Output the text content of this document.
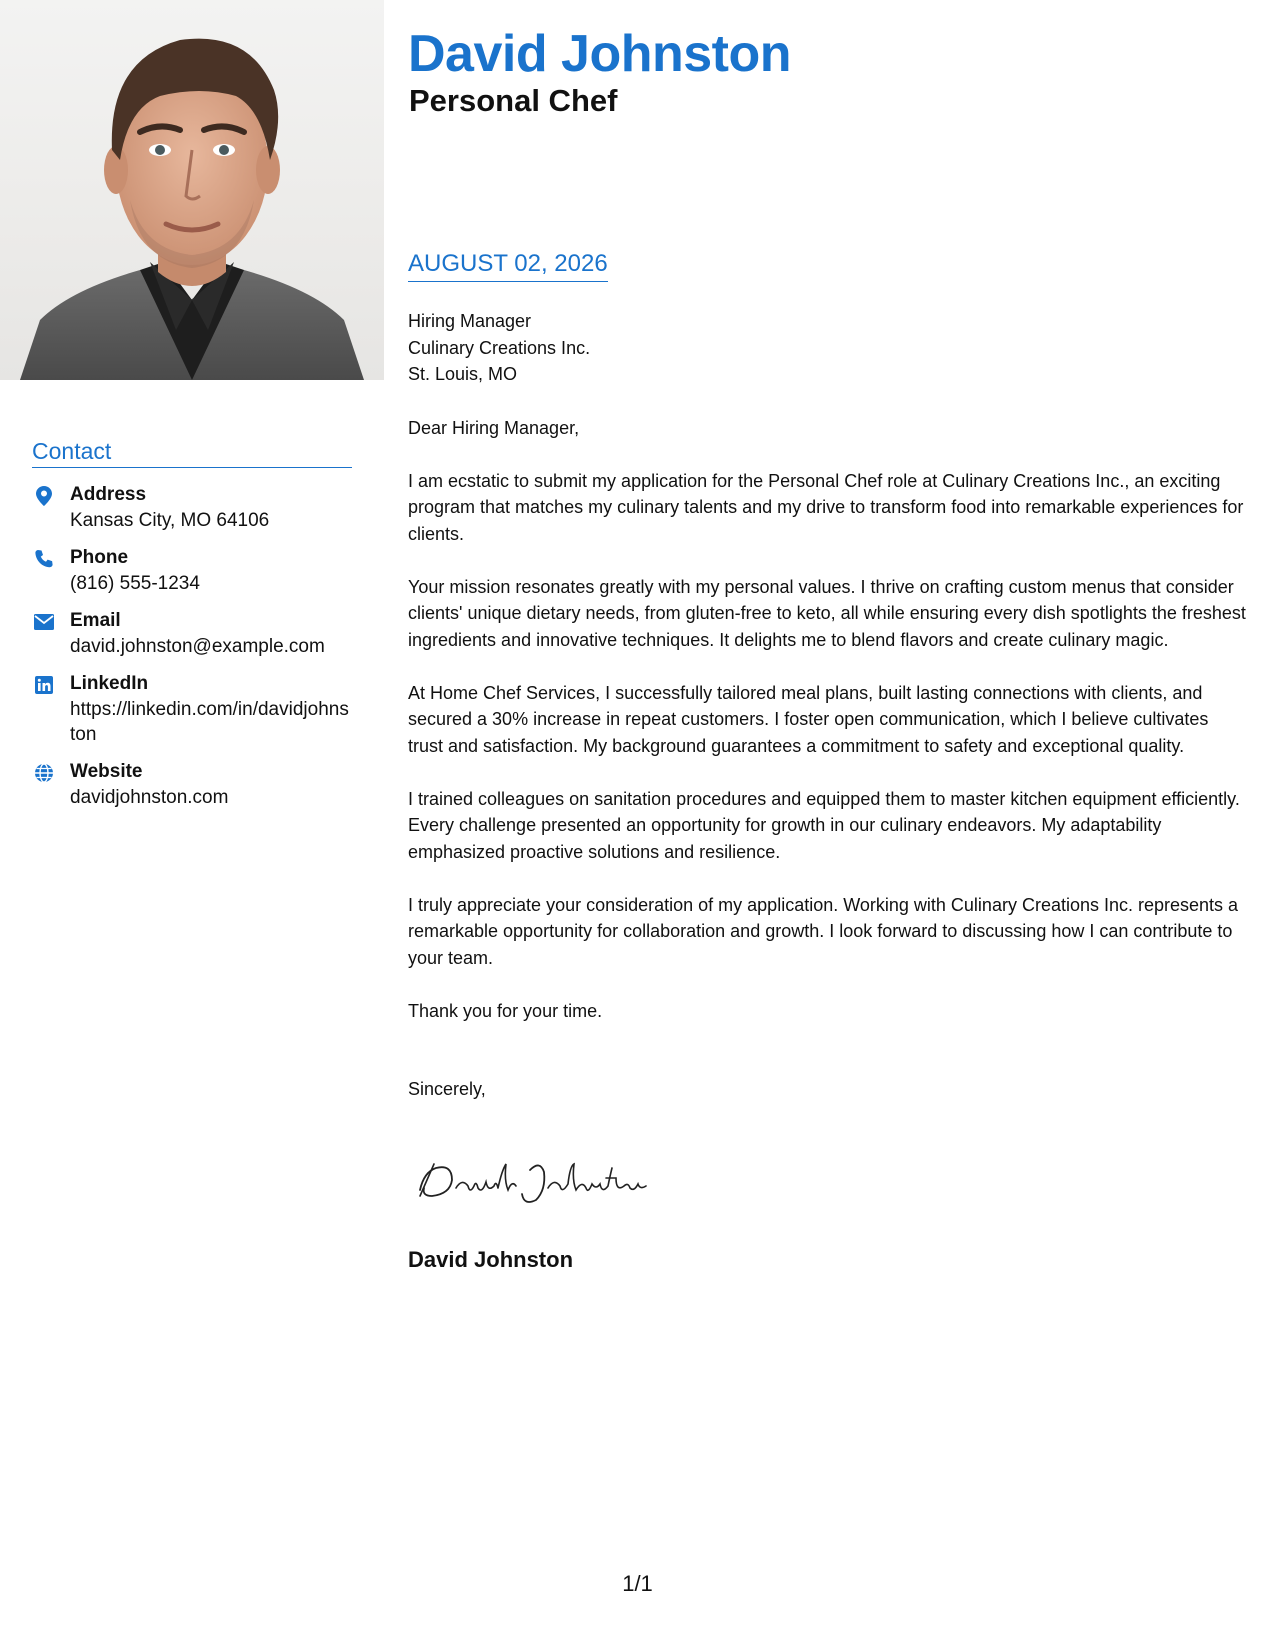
David Johnston
Personal Chef
Contact
Address
Kansas City, MO 64106
Phone
(816) 555-1234
Email
david.johnston@example.com
LinkedIn
https://linkedin.com/in/davidjohnston
Website
davidjohnston.com
AUGUST 02, 2026
Hiring Manager
Culinary Creations Inc.
St. Louis, MO

Dear Hiring Manager,

I am ecstatic to submit my application for the Personal Chef role at Culinary Creations Inc., an exciting program that matches my culinary talents and my drive to transform food into remarkable experiences for clients.

Your mission resonates greatly with my personal values. I thrive on crafting custom menus that consider clients' unique dietary needs, from gluten-free to keto, all while ensuring every dish spotlights the freshest ingredients and innovative techniques. It delights me to blend flavors and create culinary magic.

At Home Chef Services, I successfully tailored meal plans, built lasting connections with clients, and secured a 30% increase in repeat customers. I foster open communication, which I believe cultivates trust and satisfaction. My background guarantees a commitment to safety and exceptional quality.

I trained colleagues on sanitation procedures and equipped them to master kitchen equipment efficiently. Every challenge presented an opportunity for growth in our culinary endeavors. My adaptability emphasized proactive solutions and resilience.

I truly appreciate your consideration of my application. Working with Culinary Creations Inc. represents a remarkable opportunity for collaboration and growth. I look forward to discussing how I can contribute to your team.

Thank you for your time.

Sincerely,

David Johnston
1/1
